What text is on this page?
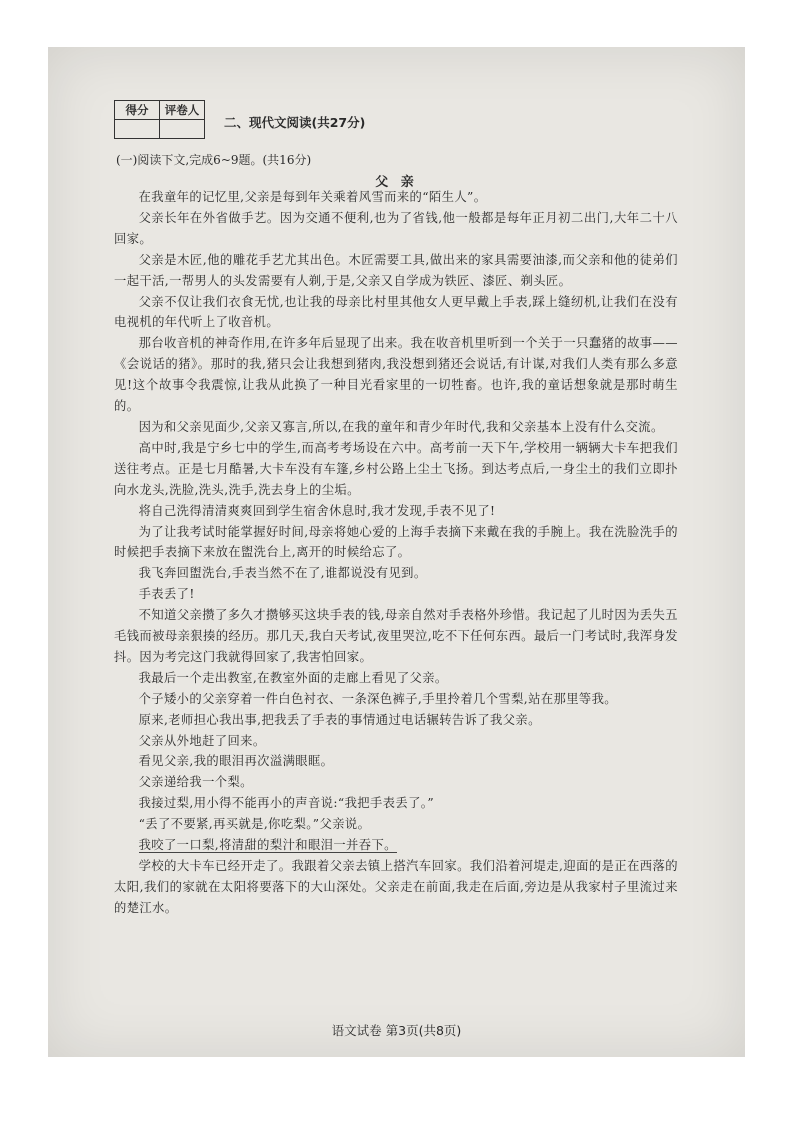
得分	评卷人

二、现代文阅读(共27分)
(一)阅读下文,完成6~9题。(共16分)
父 亲

在我童年的记忆里,父亲是每到年关乘着风雪而来的“陌生人”。

父亲长年在外省做手艺。因为交通不便利,也为了省钱,他一般都是每年正月初二出门,大年二十八回家。

父亲是木匠,他的雕花手艺尤其出色。木匠需要工具,做出来的家具需要油漆,而父亲和他的徒弟们一起干活,一帮男人的头发需要有人剃,于是,父亲又自学成为铁匠、漆匠、剃头匠。

父亲不仅让我们衣食无忧,也让我的母亲比村里其他女人更早戴上手表,踩上缝纫机,让我们在没有电视机的年代听上了收音机。

那台收音机的神奇作用,在许多年后显现了出来。我在收音机里听到一个关于一只蠢猪的故事——《会说话的猪》。那时的我,猪只会让我想到猪肉,我没想到猪还会说话,有计谋,对我们人类有那么多意见!这个故事令我震惊,让我从此换了一种目光看家里的一切牲畜。也许,我的童话想象就是那时萌生的。

因为和父亲见面少,父亲又寡言,所以,在我的童年和青少年时代,我和父亲基本上没有什么交流。

高中时,我是宁乡七中的学生,而高考考场设在六中。高考前一天下午,学校用一辆辆大卡车把我们送往考点。正是七月酷暑,大卡车没有车篷,乡村公路上尘土飞扬。到达考点后,一身尘土的我们立即扑向水龙头,洗脸,洗头,洗手,洗去身上的尘垢。

将自己洗得清清爽爽回到学生宿舍休息时,我才发现,手表不见了!

为了让我考试时能掌握好时间,母亲将她心爱的上海手表摘下来戴在我的手腕上。我在洗脸洗手的时候把手表摘下来放在盥洗台上,离开的时候给忘了。

我飞奔回盥洗台,手表当然不在了,谁都说没有见到。

手表丢了!

不知道父亲攒了多久才攒够买这块手表的钱,母亲自然对手表格外珍惜。我记起了儿时因为丢失五毛钱而被母亲狠揍的经历。那几天,我白天考试,夜里哭泣,吃不下任何东西。最后一门考试时,我浑身发抖。因为考完这门我就得回家了,我害怕回家。

我最后一个走出教室,在教室外面的走廊上看见了父亲。

个子矮小的父亲穿着一件白色衬衣、一条深色裤子,手里拎着几个雪梨,站在那里等我。

原来,老师担心我出事,把我丢了手表的事情通过电话辗转告诉了我父亲。

父亲从外地赶了回来。

看见父亲,我的眼泪再次溢满眼眶。

父亲递给我一个梨。

我接过梨,用小得不能再小的声音说:“我把手表丢了。”

“丢了不要紧,再买就是,你吃梨。”父亲说。

我咬了一口梨,将清甜的梨汁和眼泪一并吞下。

学校的大卡车已经开走了。我跟着父亲去镇上搭汽车回家。我们沿着河堤走,迎面的是正在西落的太阳,我们的家就在太阳将要落下的大山深处。父亲走在前面,我走在后面,旁边是从我家村子里流过来的楚江水。

语文试卷 第3页(共8页)
